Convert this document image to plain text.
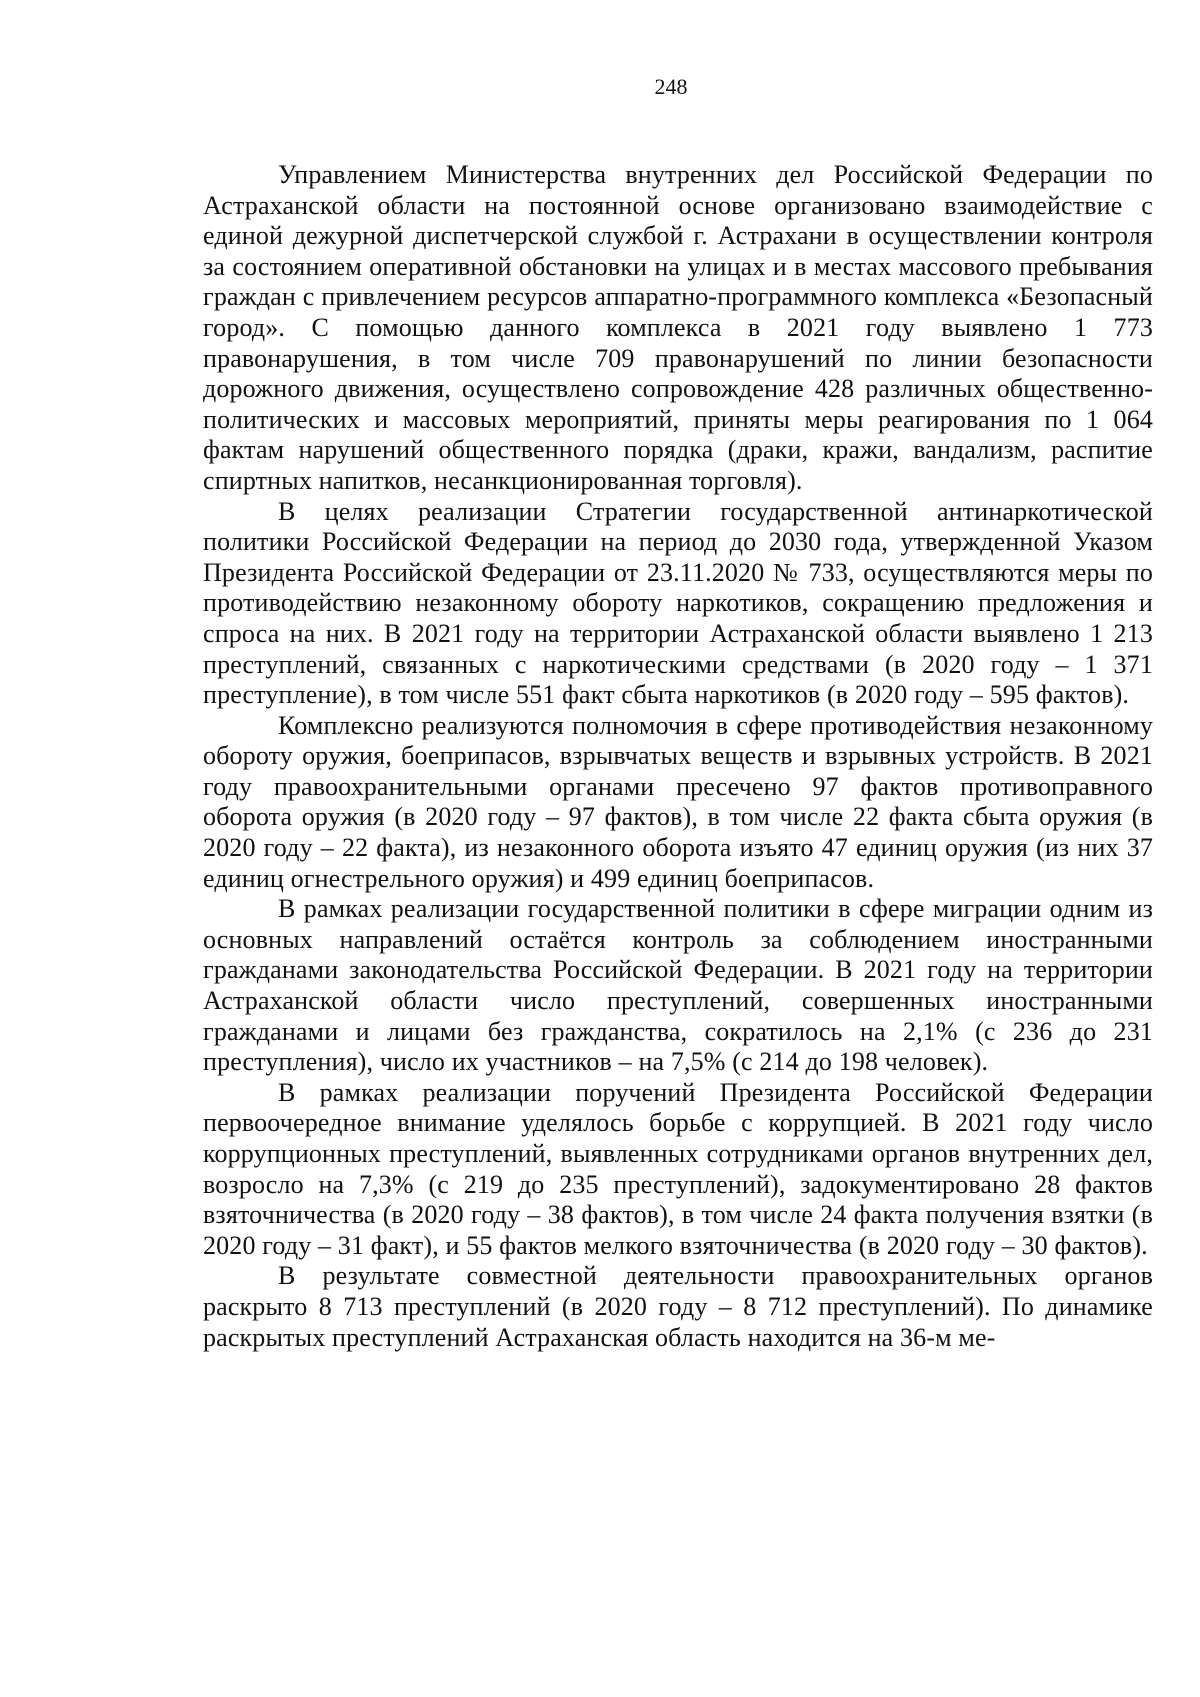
248

Управлением Министерства внутренних дел Российской Федерации по Астраханской области на постоянной основе организовано взаимодействие с единой дежурной диспетчерской службой г. Астрахани в осуществлении контроля за состоянием оперативной обстановки на улицах и в местах массового пребывания граждан с привлечением ресурсов аппаратно-программного комплекса «Безопасный город». С помощью данного комплекса в 2021 году выявлено 1 773 правонарушения, в том числе 709 правонарушений по линии безопасности дорожного движения, осуществлено сопровождение 428 различных общественно-политических и массовых мероприятий, приняты меры реагирования по 1 064 фактам нарушений общественного порядка (драки, кражи, вандализм, распитие спиртных напитков, несанкционированная торговля).

В целях реализации Стратегии государственной антинаркотической политики Российской Федерации на период до 2030 года, утвержденной Указом Президента Российской Федерации от 23.11.2020 № 733, осуществляются меры по противодействию незаконному обороту наркотиков, сокращению предложения и спроса на них. В 2021 году на территории Астраханской области выявлено 1 213 преступлений, связанных с наркотическими средствами (в 2020 году – 1 371 преступление), в том числе 551 факт сбыта наркотиков (в 2020 году – 595 фактов).

Комплексно реализуются полномочия в сфере противодействия незаконному обороту оружия, боеприпасов, взрывчатых веществ и взрывных устройств. В 2021 году правоохранительными органами пресечено 97 фактов противоправного оборота оружия (в 2020 году – 97 фактов), в том числе 22 факта сбыта оружия (в 2020 году – 22 факта), из незаконного оборота изъято 47 единиц оружия (из них 37 единиц огнестрельного оружия) и 499 единиц боеприпасов.

В рамках реализации государственной политики в сфере миграции одним из основных направлений остаётся контроль за соблюдением иностранными гражданами законодательства Российской Федерации. В 2021 году на территории Астраханской области число преступлений, совершенных иностранными гражданами и лицами без гражданства, сократилось на 2,1% (с 236 до 231 преступления), число их участников – на 7,5% (с 214 до 198 человек).

В рамках реализации поручений Президента Российской Федерации первоочередное внимание уделялось борьбе с коррупцией. В 2021 году число коррупционных преступлений, выявленных сотрудниками органов внутренних дел, возросло на 7,3% (с 219 до 235 преступлений), задокументировано 28 фактов взяточничества (в 2020 году – 38 фактов), в том числе 24 факта получения взятки (в 2020 году – 31 факт), и 55 фактов мелкого взяточничества (в 2020 году – 30 фактов).

В результате совместной деятельности правоохранительных органов раскрыто 8 713 преступлений (в 2020 году – 8 712 преступлений). По динамике раскрытых преступлений Астраханская область находится на 36-м ме-
